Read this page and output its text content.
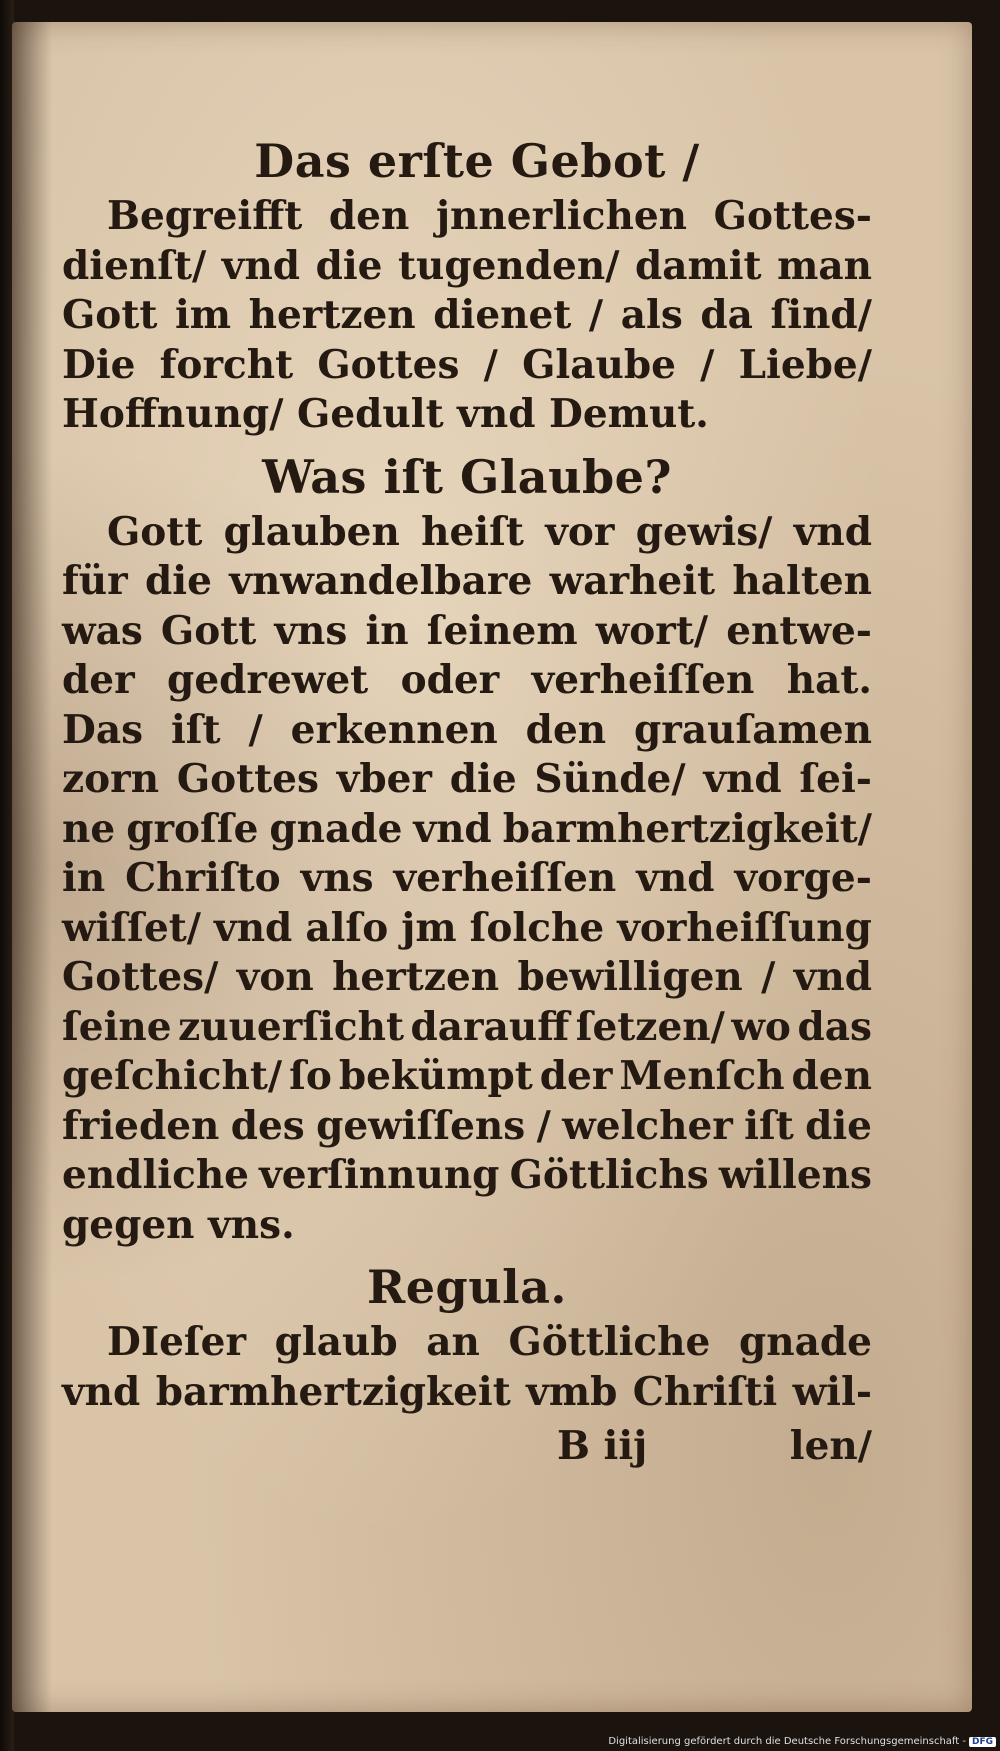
Das erſte Gebot /

Begreifft den jnnerlichen Gottes‐

dienſt/ vnd die tugenden/ damit man

Gott im hertzen dienet / als da ſind/

Die forcht Gottes / Glaube / Liebe/

Hoffnung/ Gedult vnd Demut.

Was iſt Glaube?

Gott glauben heiſt vor gewis/ vnd

für die vnwandelbare warheit halten

was Gott vns in ſeinem wort/ entwe‐

der gedrewet oder verheiſſen hat.

Das iſt / erkennen den grauſamen

zorn Gottes vber die Sünde/ vnd ſei‐

ne groſſe gnade vnd barmhertzigkeit/

in Chriſto vns verheiſſen vnd vorge‐

wiſſet/ vnd alſo jm ſolche vorheiſſung

Gottes/ von hertzen bewilligen / vnd

ſeine zuuerſicht darauff ſetzen/ wo das

geſchicht/ ſo bekümpt der Menſch den

frieden des gewiſſens / welcher iſt die

endliche verſinnung Göttlichs willens

gegen vns.

Regula.

DIeſer glaub an Göttliche gnade

vnd barmhertzigkeit vmb Chriſti wil‐

B iij	len/
Digitalisierung gefördert durch die Deutsche Forschungsgemeinschaft - DFG
